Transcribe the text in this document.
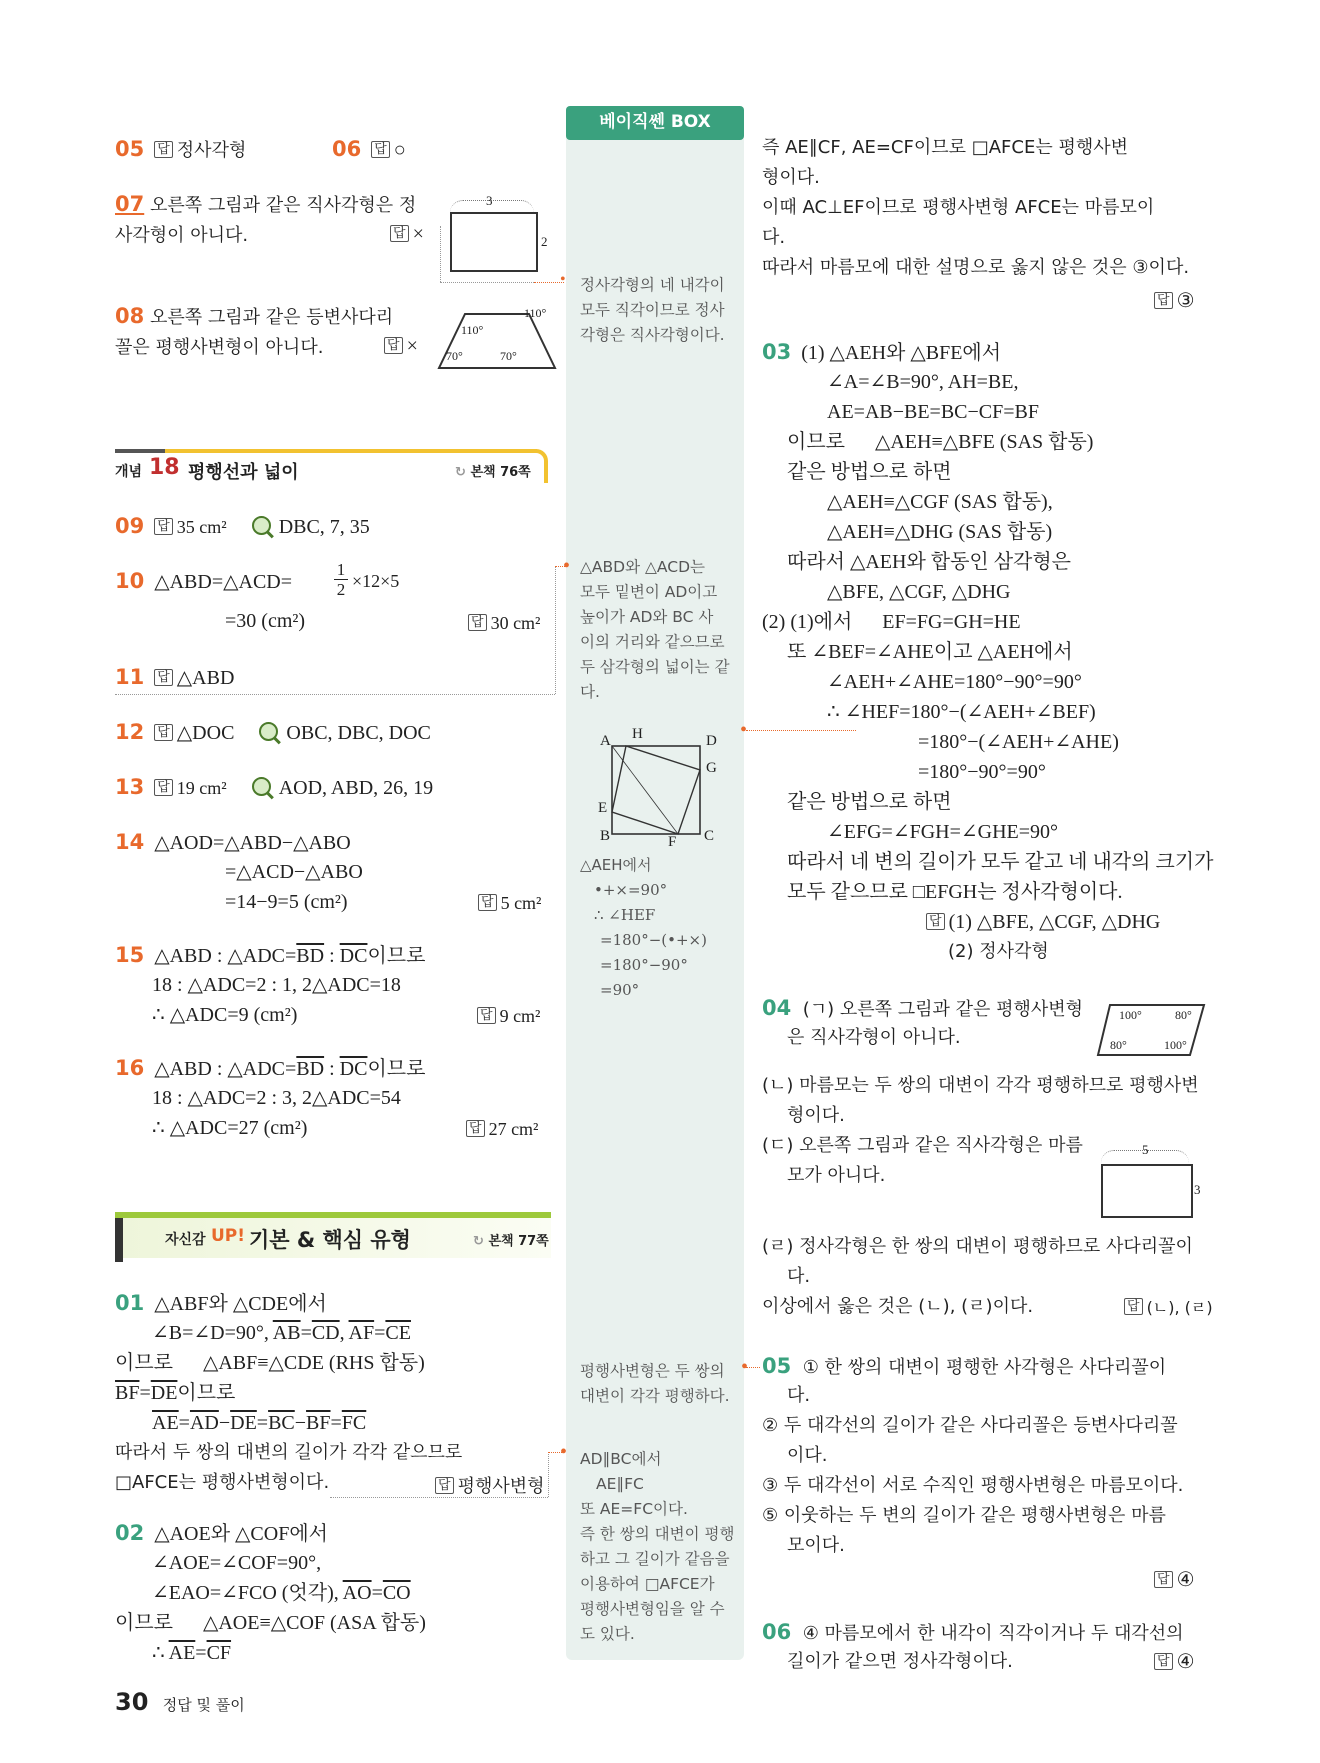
베이직쎈 BOX
05 답 정사각형	06 답 ○
07 오른쪽 그림과 같은 직사각형은 정
사각형이 아니다. 답	×
3
2
•
08 오른쪽 그림과 같은 등변사다리
꼴은 평행사변형이 아니다. 답	×
110°
110°
70°	70°
개념 18 평행선과 넓이	↻ 본책 76쪽
09 답 35 cm²	DBC, 7, 35
10 △ABD=△ACD=
1
2 ×12×5
=30 (cm²) 답	30 cm²
•
11 답 △ABD
12 답 △DOC	OBC, DBC, DOC
13 답 19 cm²	AOD, ABD, 26, 19
14 △AOD=△ABD−△ABO
=△ACD−△ABO
=14−9=5 (cm²) 답	5 cm²
15 △ABD : $\triangle ADC=\overline{BD}$ : $\overline{DC}$이므로
18 : △ADC=2 : 1, 2△ADC=18
∴ △ADC=9 (cm²) 답	9 cm²
16 △ABD : $\triangle ADC=\overline{BD}$ : $\overline{DC}$이므로
18 : △ADC=2 : 3, 2△ADC=54
∴ △ADC=27 (cm²) 답	27 cm²
자신감 UP! 기본 & 핵심 유형	↻ 본책 77쪽
01 △ABF와 △CDE에서
∠B=∠D=90°, $\overline{AB}=\overline{CD}$, $\overline{AF}=\overline{CE}$
이므로      △ABF≡△CDE (RHS 합동)
$\overline{BF}=\overline{DE}$이므로
$\overline{AE}=\overline{AD}-\overline{DE}=\overline{BC}-\overline{BF}=\overline{FC}$
따라서 두 쌍의 대변의 길이가 각각 같으므로
□AFCE는 평행사변형이다. 답	평행사변형
•
02 △AOE와 △COF에서
∠AOE=∠COF=90°,
∠EAO=∠FCO (엇각), $\overline{AO}=\overline{CO}$
이므로      △AOE≡△COF (ASA 합동)
∴ $\overline{AE}=\overline{CF}$
정사각형의 네 내각이
모두 직각이므로 정사
각형은 직사각형이다.
△ABD와 △ACD는
모두 밑변이 AD이고
높이가 AD와 BC 사
이의 거리와 같으므로
두 삼각형의 넓이는 같
다.
A H	D
G
E
B	F C
△AEH에서
•+×=90°
∴ ∠HEF
=180°−(•+×)
=180°−90°
=90°
평행사변형은 두 쌍의
대변이 각각 평행하다.
AD∥BC에서
AE∥FC
또 AE=FC이다.
즉 한 쌍의 대변이 평행
하고 그 길이가 같음을
이용하여 □AFCE가
평행사변형임을 알 수
도 있다.
즉 AE∥CF, AE=CF이므로 □AFCE는 평행사변
형이다.
이때 AC⊥EF이므로 평행사변형 AFCE는 마름모이
다.
따라서 마름모에 대한 설명으로 옳지 않은 것은 ③이다.
답 ③
03 (1) △AEH와 △BFE에서
∠A=∠B=90°, AH=BE,
AE=AB−BE=BC−CF=BF
이므로      △AEH≡△BFE (SAS 합동)
같은 방법으로 하면
△AEH≡△CGF (SAS 합동),
△AEH≡△DHG (SAS 합동)
따라서 △AEH와 합동인 삼각형은
△BFE, △CGF, △DHG
(2) (1)에서      EF=FG=GH=HE
또 ∠BEF=∠AHE이고 △AEH에서
∠AEH+∠AHE=180°−90°=90°
∴ ∠HEF=180°−(∠AEH+∠BEF)
=180°−(∠AEH+∠AHE)
=180°−90°=90°
같은 방법으로 하면
∠EFG=∠FGH=∠GHE=90°
따라서 네 변의 길이가 모두 같고 네 내각의 크기가
모두 같으므로 □EFGH는 정사각형이다.
답 (1) △BFE, △CGF, △DHG
(2) 정사각형
•
04 (ㄱ) 오른쪽 그림과 같은 평행사변형
은 직사각형이 아니다.
100°	80°
80°	100°
(ㄴ) 마름모는 두 쌍의 대변이 각각 평행하므로 평행사변
형이다.
(ㄷ) 오른쪽 그림과 같은 직사각형은 마름
모가 아니다.
5
3
(ㄹ) 정사각형은 한 쌍의 대변이 평행하므로 사다리꼴이
다.
이상에서 옳은 것은 (ㄴ), (ㄹ)이다. 답	(ㄴ), (ㄹ)
05 ① 한 쌍의 대변이 평행한 사각형은 사다리꼴이
•
다.
② 두 대각선의 길이가 같은 사다리꼴은 등변사다리꼴
이다.
③ 두 대각선이 서로 수직인 평행사변형은 마름모이다.
⑤ 이웃하는 두 변의 길이가 같은 평행사변형은 마름
모이다.
답 ④
06 ④ 마름모에서 한 내각이 직각이거나 두 대각선의
길이가 같으면 정사각형이다. 답	④
30 정답 및 풀이
